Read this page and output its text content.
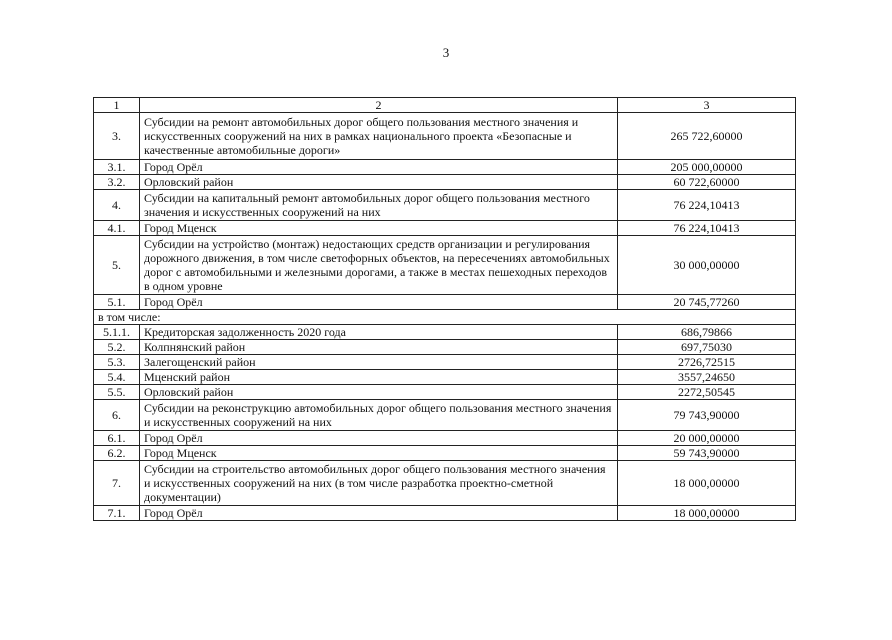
3
1	2	3
3.	Субсидии на ремонт автомобильных дорог общего пользования местного значения и искусственных сооружений на них в рамках национального проекта «Безопасные и качественные автомобильные дороги»	265 722,60000
3.1.	Город Орёл	205 000,00000
3.2.	Орловский район	60 722,60000
4.	Субсидии на капитальный ремонт автомобильных дорог общего пользования местного значения и искусственных сооружений на них	76 224,10413
4.1.	Город Мценск	76 224,10413
5.	Субсидии на устройство (монтаж) недостающих средств организации и регулирования дорожного движения, в том числе светофорных объектов, на пересечениях автомобильных дорог с автомобильными и железными дорогами, а также в местах пешеходных переходов в одном уровне	30 000,00000
5.1.	Город Орёл	20 745,77260
в том числе:		
5.1.1.	Кредиторская задолженность 2020 года	686,79866
5.2.	Колпнянский район	697,75030
5.3.	Залегощенский район	2726,72515
5.4.	Мценский район	3557,24650
5.5.	Орловский район	2272,50545
6.	Субсидии на реконструкцию автомобильных дорог общего пользования местного значения и искусственных сооружений на них	79 743,90000
6.1.	Город Орёл	20 000,00000
6.2.	Город Мценск	59 743,90000
7.	Субсидии на строительство автомобильных дорог общего пользования местного значения и искусственных сооружений на них (в том числе разработка проектно-сметной документации)	18 000,00000
7.1.	Город Орёл	18 000,00000
